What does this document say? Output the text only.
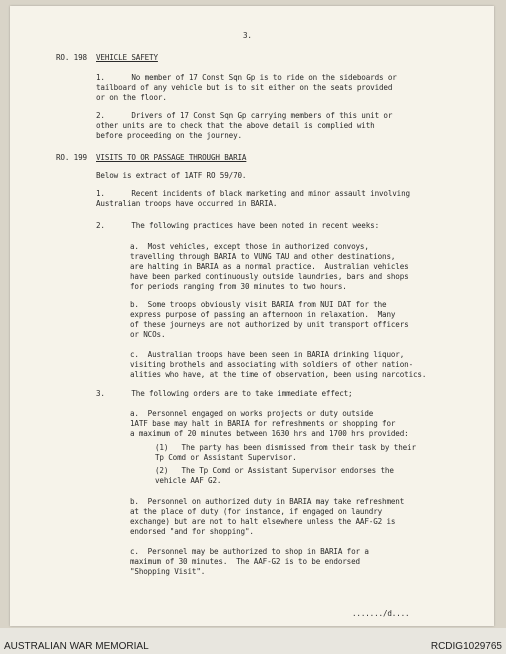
3.
RO. 198 VEHICLE SAFETY
1.      No member of 17 Const Sqn Gp is to ride on the sideboards or
tailboard of any vehicle but is to sit either on the seats provided
or on the floor.
2.      Drivers of 17 Const Sqn Gp carrying members of this unit or
other units are to check that the above detail is complied with
before proceeding on the journey.
RO. 199 VISITS TO OR PASSAGE THROUGH BARIA
Below is extract of 1ATF RO 59/70.
1.      Recent incidents of black marketing and minor assault involving
Australian troops have occurred in BARIA.
2.      The following practices have been noted in recent weeks:
a.  Most vehicles, except those in authorized convoys,
travelling through BARIA to VUNG TAU and other destinations,
are halting in BARIA as a normal practice.  Australian vehicles
have been parked continuously outside laundries, bars and shops
for periods ranging from 30 minutes to two hours.
b.  Some troops obviously visit BARIA from NUI DAT for the
express purpose of passing an afternoon in relaxation.  Many
of these journeys are not authorized by unit transport officers
or NCOs.
c.  Australian troops have been seen in BARIA drinking liquor,
visiting brothels and associating with soldiers of other nation-
alities who have, at the time of observation, been using narcotics.
3.      The following orders are to take immediate effect;
a.  Personnel engaged on works projects or duty outside
1ATF base may halt in BARIA for refreshments or shopping for
a maximum of 20 minutes between 1630 hrs and 1700 hrs provided:
(1)   The party has been dismissed from their task by their
Tp Comd or Assistant Supervisor.
(2)   The Tp Comd or Assistant Supervisor endorses the
vehicle AAF G2.
b.  Personnel on authorized duty in BARIA may take refreshment
at the place of duty (for instance, if engaged on laundry
exchange) but are not to halt elsewhere unless the AAF-G2 is
endorsed "and for shopping".
c.  Personnel may be authorized to shop in BARIA for a
maximum of 30 minutes.  The AAF-G2 is to be endorsed
"Shopping Visit".
......./d....
AUSTRALIAN WAR MEMORIAL	RCDIG1029765
